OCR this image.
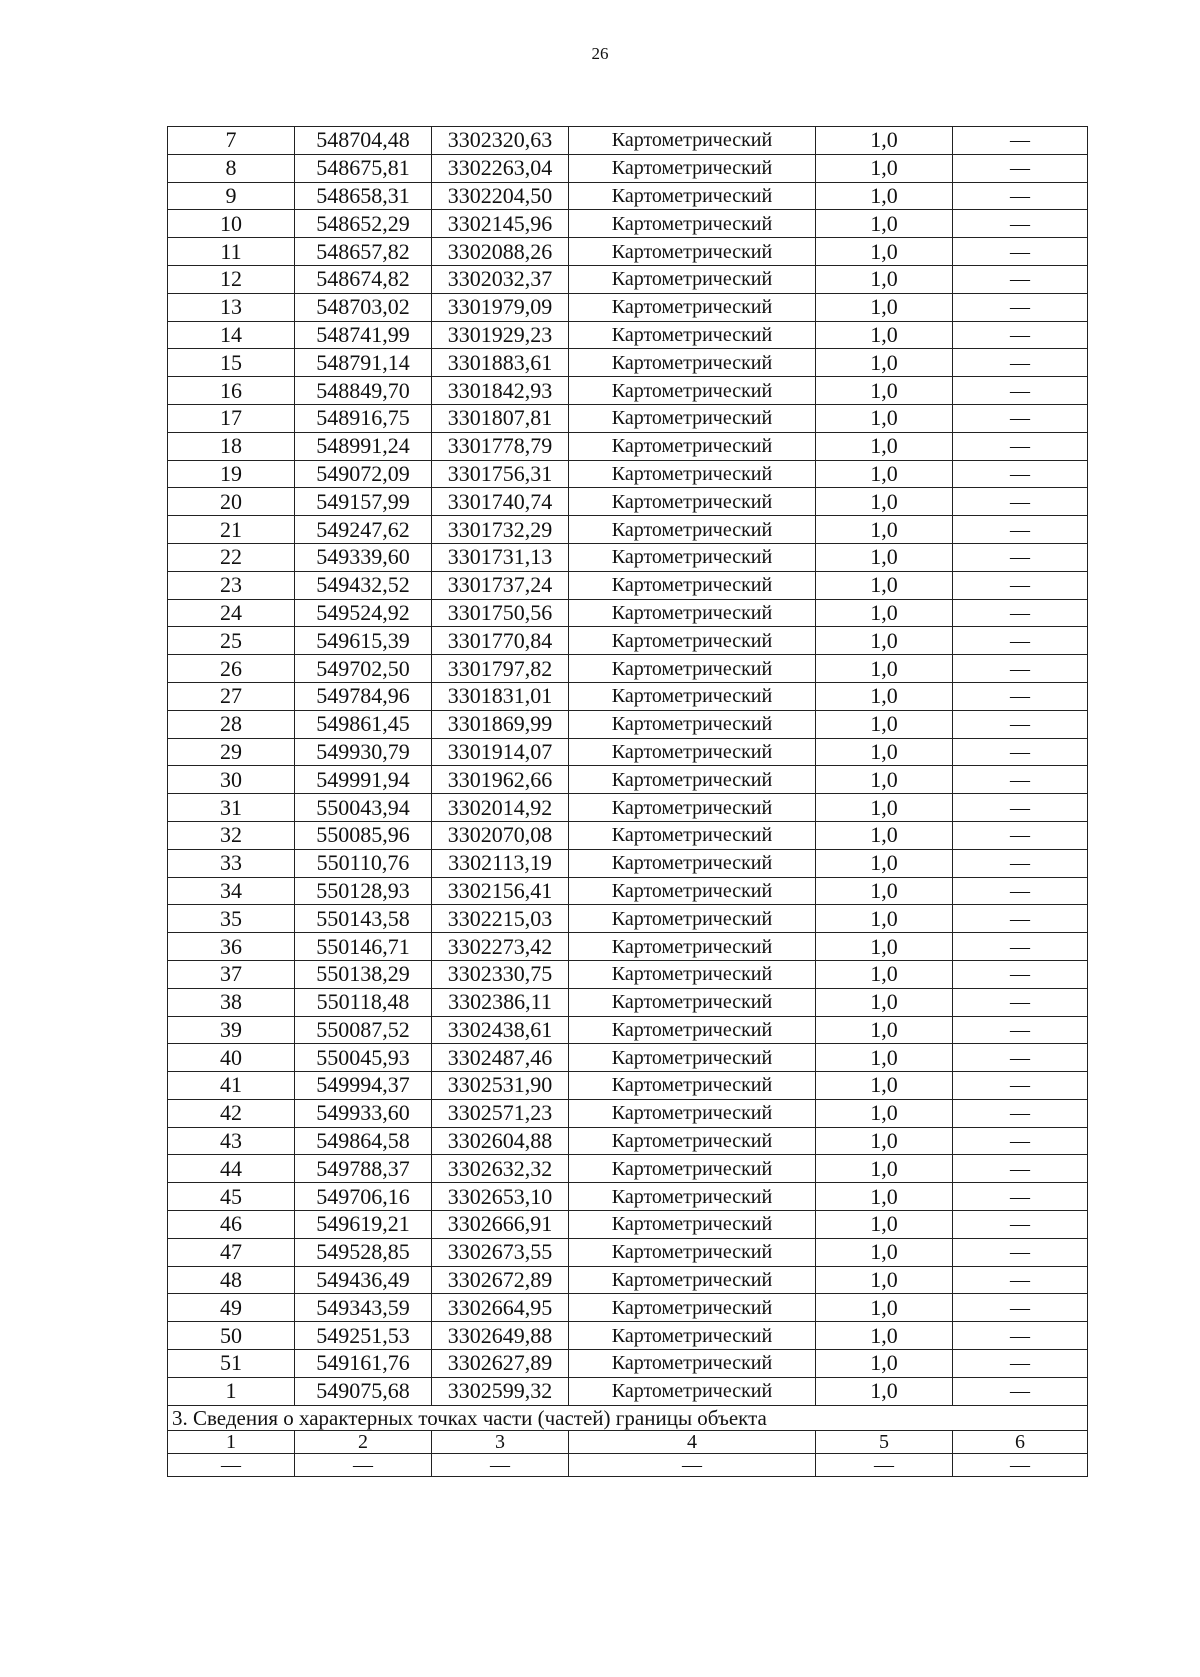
26
7	548704,48	3302320,63	Картометрический	1,0	—
8	548675,81	3302263,04	Картометрический	1,0	—
9	548658,31	3302204,50	Картометрический	1,0	—
10	548652,29	3302145,96	Картометрический	1,0	—
11	548657,82	3302088,26	Картометрический	1,0	—
12	548674,82	3302032,37	Картометрический	1,0	—
13	548703,02	3301979,09	Картометрический	1,0	—
14	548741,99	3301929,23	Картометрический	1,0	—
15	548791,14	3301883,61	Картометрический	1,0	—
16	548849,70	3301842,93	Картометрический	1,0	—
17	548916,75	3301807,81	Картометрический	1,0	—
18	548991,24	3301778,79	Картометрический	1,0	—
19	549072,09	3301756,31	Картометрический	1,0	—
20	549157,99	3301740,74	Картометрический	1,0	—
21	549247,62	3301732,29	Картометрический	1,0	—
22	549339,60	3301731,13	Картометрический	1,0	—
23	549432,52	3301737,24	Картометрический	1,0	—
24	549524,92	3301750,56	Картометрический	1,0	—
25	549615,39	3301770,84	Картометрический	1,0	—
26	549702,50	3301797,82	Картометрический	1,0	—
27	549784,96	3301831,01	Картометрический	1,0	—
28	549861,45	3301869,99	Картометрический	1,0	—
29	549930,79	3301914,07	Картометрический	1,0	—
30	549991,94	3301962,66	Картометрический	1,0	—
31	550043,94	3302014,92	Картометрический	1,0	—
32	550085,96	3302070,08	Картометрический	1,0	—
33	550110,76	3302113,19	Картометрический	1,0	—
34	550128,93	3302156,41	Картометрический	1,0	—
35	550143,58	3302215,03	Картометрический	1,0	—
36	550146,71	3302273,42	Картометрический	1,0	—
37	550138,29	3302330,75	Картометрический	1,0	—
38	550118,48	3302386,11	Картометрический	1,0	—
39	550087,52	3302438,61	Картометрический	1,0	—
40	550045,93	3302487,46	Картометрический	1,0	—
41	549994,37	3302531,90	Картометрический	1,0	—
42	549933,60	3302571,23	Картометрический	1,0	—
43	549864,58	3302604,88	Картометрический	1,0	—
44	549788,37	3302632,32	Картометрический	1,0	—
45	549706,16	3302653,10	Картометрический	1,0	—
46	549619,21	3302666,91	Картометрический	1,0	—
47	549528,85	3302673,55	Картометрический	1,0	—
48	549436,49	3302672,89	Картометрический	1,0	—
49	549343,59	3302664,95	Картометрический	1,0	—
50	549251,53	3302649,88	Картометрический	1,0	—
51	549161,76	3302627,89	Картометрический	1,0	—
1	549075,68	3302599,32	Картометрический	1,0	—
3. Сведения о характерных точках части (частей) границы объекта					
1	2	3	4	5	6
—	—	—	—	—	—
